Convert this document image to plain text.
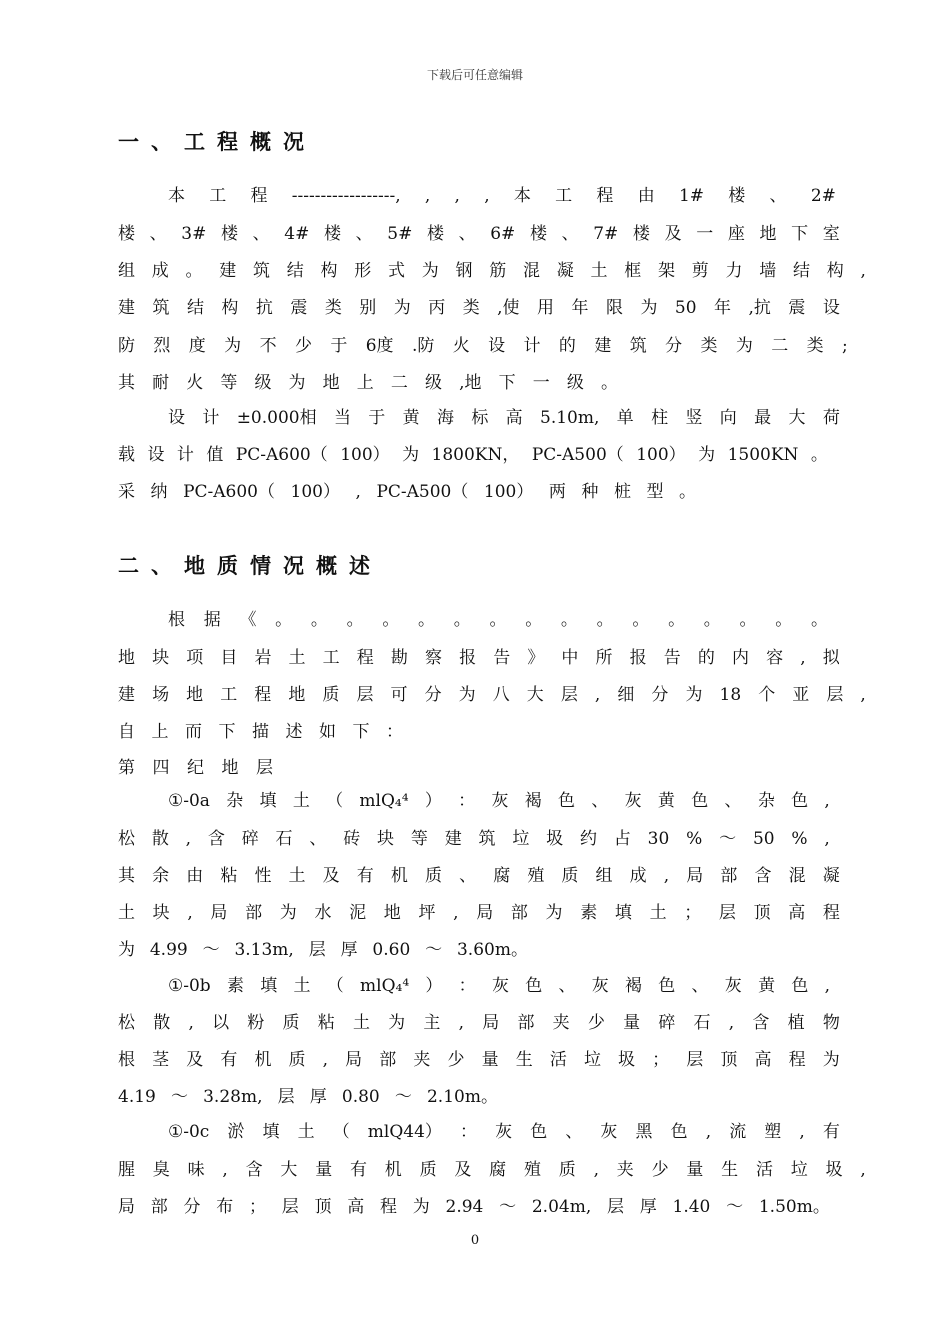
下载后可任意编辑
一、工程概况
二、地质情况概述
本 工 程 ------------------, , , , 本 工 程 由 1# 楼 、 2#
楼 、 3# 楼 、 4# 楼 、 5# 楼 、 6# 楼 、 7# 楼 及 一 座 地 下 室
组 成 。 建 筑 结 构 形 式 为 钢 筋 混 凝 土 框 架 剪 力 墙 结 构 ,
建 筑 结 构 抗 震 类 别 为 丙 类 ,使 用 年 限 为 50 年 ,抗 震 设
防 烈 度 为 不 少 于 6度 .防 火 设 计 的 建 筑 分 类 为 二 类 ;
其 耐 火 等 级 为 地 上 二 级 ,地 下 一 级 。
设 计 ±0.000相 当 于 黄 海 标 高 5.10m, 单 柱 竖 向 最 大 荷
载 设 计 值 PC-A600（ 100） 为 1800KN， PC-A500（ 100） 为 1500KN 。
采 纳 PC-A600（ 100） , PC-A500（ 100） 两 种 桩 型 。
根 据 《 。 。 。 。 。 。 。 。 。 。 。 。 。 。 。 。
地 块 项 目 岩 土 工 程 勘 察 报 告 》 中 所 报 告 的 内 容 , 拟
建 场 地 工 程 地 质 层 可 分 为 八 大 层 , 细 分 为 18 个 亚 层 ,
自 上 而 下 描 述 如 下 ：
第 四 纪 地 层
①-0a 杂 填 土 （ mlQ₄⁴ ） ： 灰 褐 色 、 灰 黄 色 、 杂 色 ,
松 散 , 含 碎 石 、 砖 块 等 建 筑 垃 圾 约 占 30 % ～ 50 % ,
其 余 由 粘 性 土 及 有 机 质 、 腐 殖 质 组 成 , 局 部 含 混 凝
土 块 , 局 部 为 水 泥 地 坪 , 局 部 为 素 填 土 ； 层 顶 高 程
为 4.99 ～ 3.13m, 层 厚 0.60 ～ 3.60m。
①-0b 素 填 土 （ mlQ₄⁴ ） ： 灰 色 、 灰 褐 色 、 灰 黄 色 ,
松 散 , 以 粉 质 粘 土 为 主 , 局 部 夹 少 量 碎 石 , 含 植 物
根 茎 及 有 机 质 , 局 部 夹 少 量 生 活 垃 圾 ； 层 顶 高 程 为
4.19 ～ 3.28m, 层 厚 0.80 ～ 2.10m。
①-0c 淤 填 土 （ mlQ44） ： 灰 色 、 灰 黑 色 , 流 塑 , 有
腥 臭 味 , 含 大 量 有 机 质 及 腐 殖 质 , 夹 少 量 生 活 垃 圾 ,
局 部 分 布 ； 层 顶 高 程 为 2.94 ～ 2.04m, 层 厚 1.40 ～ 1.50m。
0
